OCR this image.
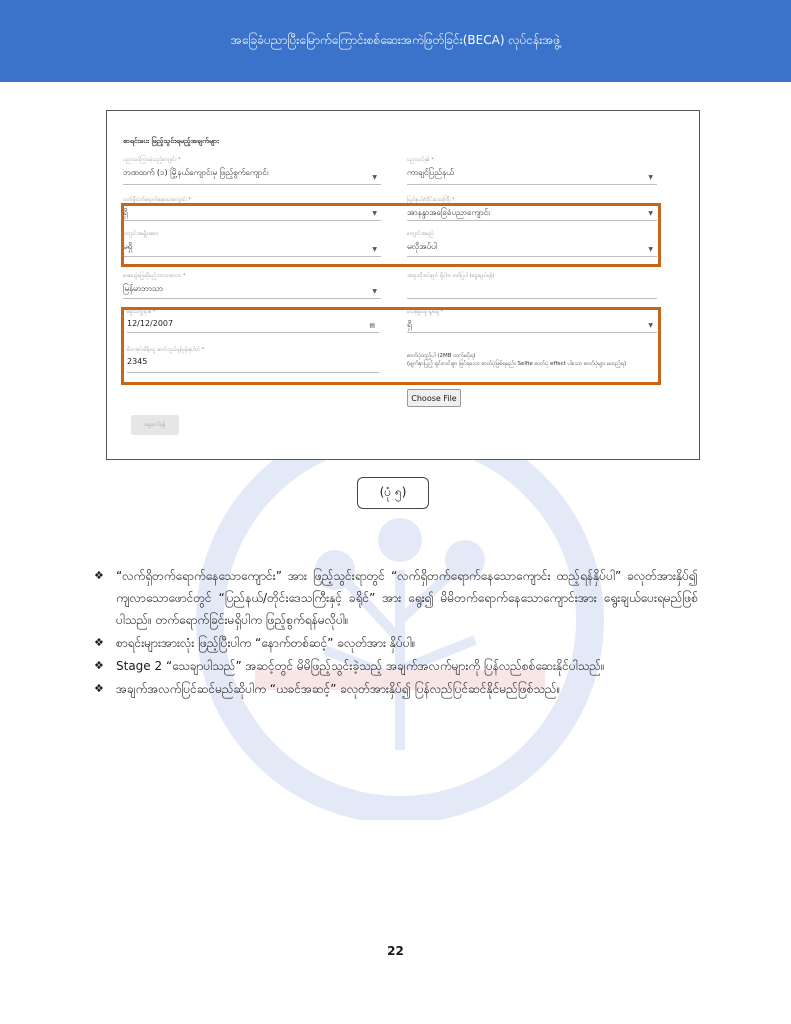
အခြေခံပညာပြီးမြောက်ကြောင်းစစ်ဆေးအကဲဖြတ်ခြင်း(BECA) လုပ်ငန်းအဖွဲ့
စာရင်းပေး ဖြည့်သွင်းရမည့်အချက်များ
ပညာသင်ကြားခဲ့သည့်ကျောင်း *
ဘဏထက် (၁) မြို့နယ်ကျောင်းမှ ဖြည့်စွက်ကျောင်း
▼
ပညာသင်နှစ် *
ကာချင်ပြည်နယ်
▼
လက်ရှိတက်ရောက်နေသောကျောင်း *
ရှိ	▼
ပြည်နယ်/တိုင်းဒေသကြီး *
အာနန္ဒာအခြေခံပညာကျောင်း	▼
ကျောင်းအမျိုးအစား
မရှိ	▼
ကျောင်းအမည်
မလိုအပ်ပါ	▼
စာမေးပွဲဖြေဆိုမည့်ဘာသာစကား *
မြန်မာဘာသာ	▼
အထူးလိုအပ်ချက် ရှိပါက ဖော်ပြပါ (ရွေးချယ်ရန်)
မွေးသက္ကရာဇ် *
12/12/2007	▤
မသန်စွမ်းမှု ရှိ/မရှိ *
ရှိ	▼
မိဘအုပ်ထိန်းသူ ဆက်သွယ်ရန်ဖုန်းနံပါတ် *
2345
ဓာတ်ပုံထည့်ပါ (2MB ထက်မပိုရ)
(မျက်နှာပြည့် ရှင်းလင်းစွာ မြင်ရသော ဓာတ်ပုံဖြစ်ရမည်။ Selfie ဓာတ်ပုံ effect ပါသော ဓာတ်ပုံများ မထည့်ရ)
Choose File
ရှေ့ဆက်ရန်
(ပုံ ၅)
❖ “လက်ရှိတက်ရောက်နေသောကျောင်း” အား ဖြည့်သွင်းရာတွင် “လက်ရှိတက်ရောက်နေသောကျောင်း ထည့်ရန်နှိပ်ပါ” ခလုတ်အားနှိပ်၍ ကျလာသောဖောင်တွင် “ပြည်နယ်/တိုင်းဒေသကြီးနှင့် ခရိုင်” အား ရွေး၍ မိမိတက်ရောက်နေသောကျောင်းအား ရွေးချယ်ပေးရမည်ဖြစ်ပါသည်။ တက်ရောက်ခြင်းမရှိပါက ဖြည့်စွက်ရန်မလိုပါ။
❖ စာရင်းများအားလုံး ဖြည့်ပြီးပါက “နောက်တစ်ဆင့်” ခလုတ်အား နှိပ်ပါ။
❖ Stage 2 “သေချာပါသည်” အဆင့်တွင် မိမိဖြည့်သွင်းခဲ့သည့် အချက်အလက်များကို ပြန်လည်စစ်ဆေးနိုင်ပါသည်။
❖ အချက်အလက်ပြင်ဆင်မည်ဆိုပါက “ယခင်အဆင့်” ခလုတ်အားနှိပ်၍ ပြန်လည်ပြင်ဆင်နိုင်မည်ဖြစ်သည်။
22
